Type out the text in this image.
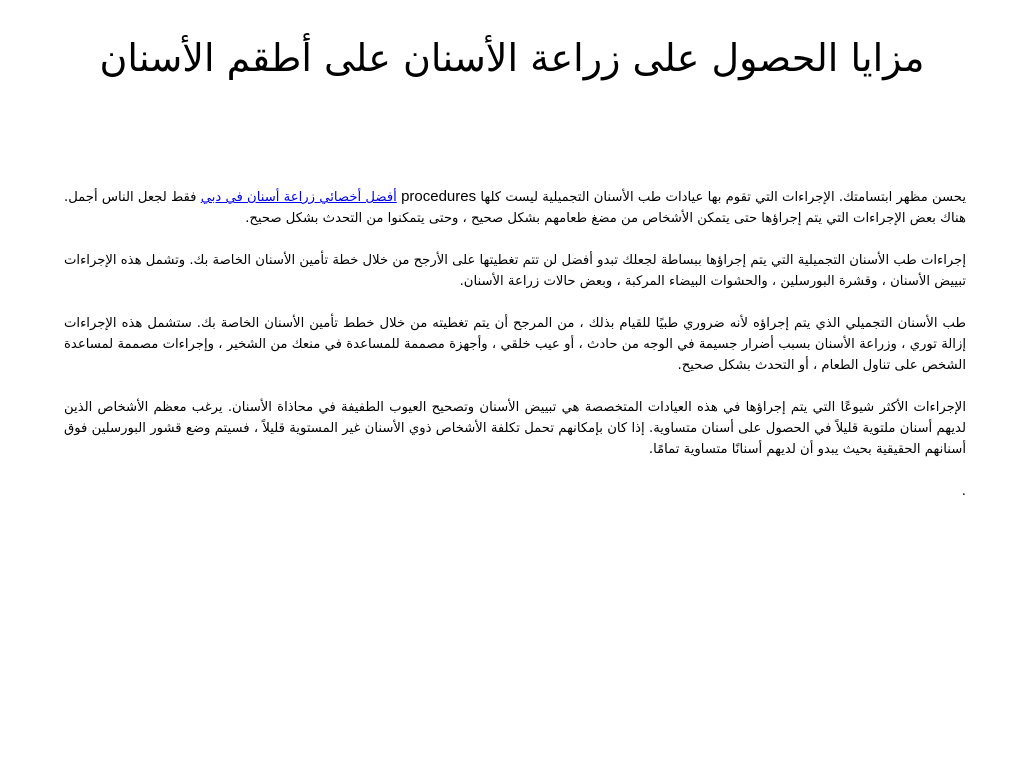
مزايا الحصول على زراعة الأسنان على أطقم الأسنان

يحسن مظهر ابتسامتك. الإجراءات التي تقوم بها عيادات طب الأسنان التجميلية ليست كلها procedures أفضل أخصائي زراعة أسنان في دبي فقط لجعل الناس أجمل. هناك بعض الإجراءات التي يتم إجراؤها حتى يتمكن الأشخاص من مضغ طعامهم بشكل صحيح ، وحتى يتمكنوا من التحدث بشكل صحيح.

إجراءات طب الأسنان التجميلية التي يتم إجراؤها ببساطة لجعلك تبدو أفضل لن تتم تغطيتها على الأرجح من خلال خطة تأمين الأسنان الخاصة بك. وتشمل هذه الإجراءات تبييض الأسنان ، وقشرة البورسلين ، والحشوات البيضاء المركبة ، وبعض حالات زراعة الأسنان.

طب الأسنان التجميلي الذي يتم إجراؤه لأنه ضروري طبيًا للقيام بذلك ، من المرجح أن يتم تغطيته من خلال خطط تأمين الأسنان الخاصة بك. ستشمل هذه الإجراءات إزالة توري ، وزراعة الأسنان بسبب أضرار جسيمة في الوجه من حادث ، أو عيب خلقي ، وأجهزة مصممة للمساعدة في منعك من الشخير ، وإجراءات مصممة لمساعدة الشخص على تناول الطعام ، أو التحدث بشكل صحيح.

الإجراءات الأكثر شيوعًا التي يتم إجراؤها في هذه العيادات المتخصصة هي تبييض الأسنان وتصحيح العيوب الطفيفة في محاذاة الأسنان. يرغب معظم الأشخاص الذين لديهم أسنان ملتوية قليلاً في الحصول على أسنان متساوية. إذا كان بإمكانهم تحمل تكلفة الأشخاص ذوي الأسنان غير المستوية قليلاً ، فسيتم وضع قشور البورسلين فوق أسنانهم الحقيقية بحيث يبدو أن لديهم أسنانًا متساوية تمامًا.

.
